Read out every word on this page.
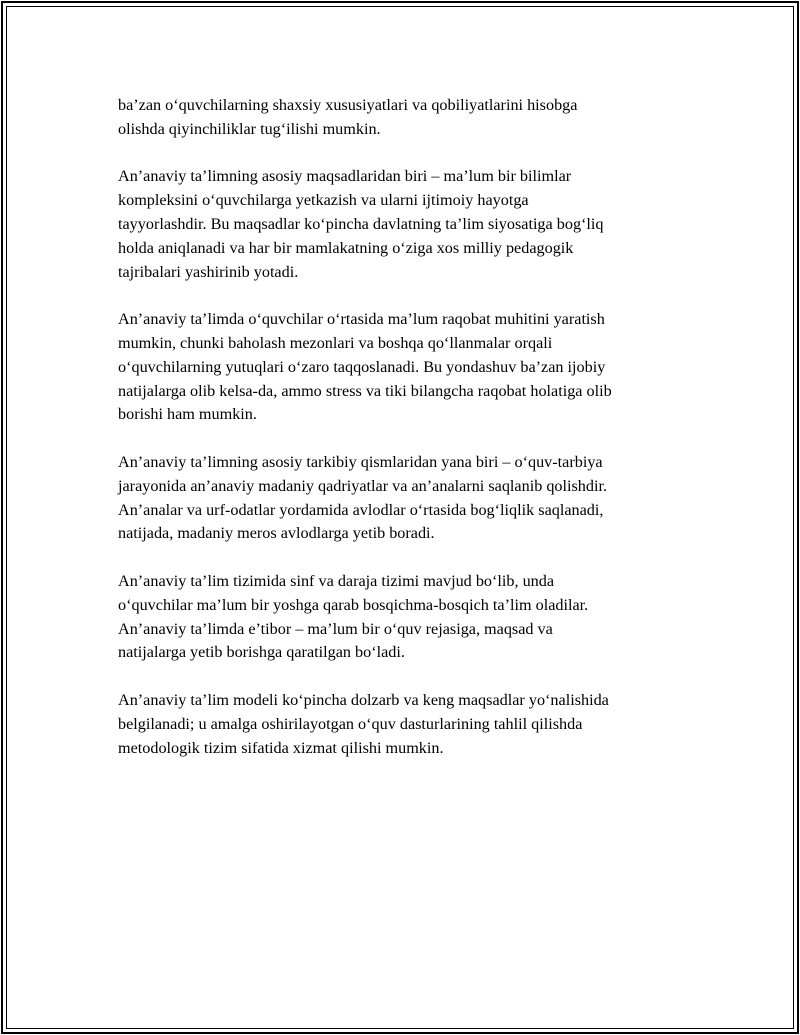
ba’zan o‘quvchilarning shaxsiy xususiyatlari va qobiliyatlarini hisobga
olishda qiyinchiliklar tug‘ilishi mumkin.

An’anaviy ta’limning asosiy maqsadlaridan biri – ma’lum bir bilimlar
kompleksini o‘quvchilarga yetkazish va ularni ijtimoiy hayotga
tayyorlashdir. Bu maqsadlar ko‘pincha davlatning ta’lim siyosatiga bog‘liq
holda aniqlanadi va har bir mamlakatning o‘ziga xos milliy pedagogik
tajribalari yashirinib yotadi.

An’anaviy ta’limda o‘quvchilar o‘rtasida ma’lum raqobat muhitini yaratish
mumkin, chunki baholash mezonlari va boshqa qo‘llanmalar orqali
o‘quvchilarning yutuqlari o‘zaro taqqoslanadi. Bu yondashuv ba’zan ijobiy
natijalarga olib kelsa-da, ammo stress va tiki bilangcha raqobat holatiga olib
borishi ham mumkin.

An’anaviy ta’limning asosiy tarkibiy qismlaridan yana biri – o‘quv-tarbiya
jarayonida an’anaviy madaniy qadriyatlar va an’analarni saqlanib qolishdir.
An’analar va urf-odatlar yordamida avlodlar o‘rtasida bog‘liqlik saqlanadi,
natijada, madaniy meros avlodlarga yetib boradi.

An’anaviy ta’lim tizimida sinf va daraja tizimi mavjud bo‘lib, unda
o‘quvchilar ma’lum bir yoshga qarab bosqichma-bosqich ta’lim oladilar.
An’anaviy ta’limda e’tibor – ma’lum bir o‘quv rejasiga, maqsad va
natijalarga yetib borishga qaratilgan bo‘ladi.

An’anaviy ta’lim modeli ko‘pincha dolzarb va keng maqsadlar yo‘nalishida
belgilanadi; u amalga oshirilayotgan o‘quv dasturlarining tahlil qilishda
metodologik tizim sifatida xizmat qilishi mumkin.
